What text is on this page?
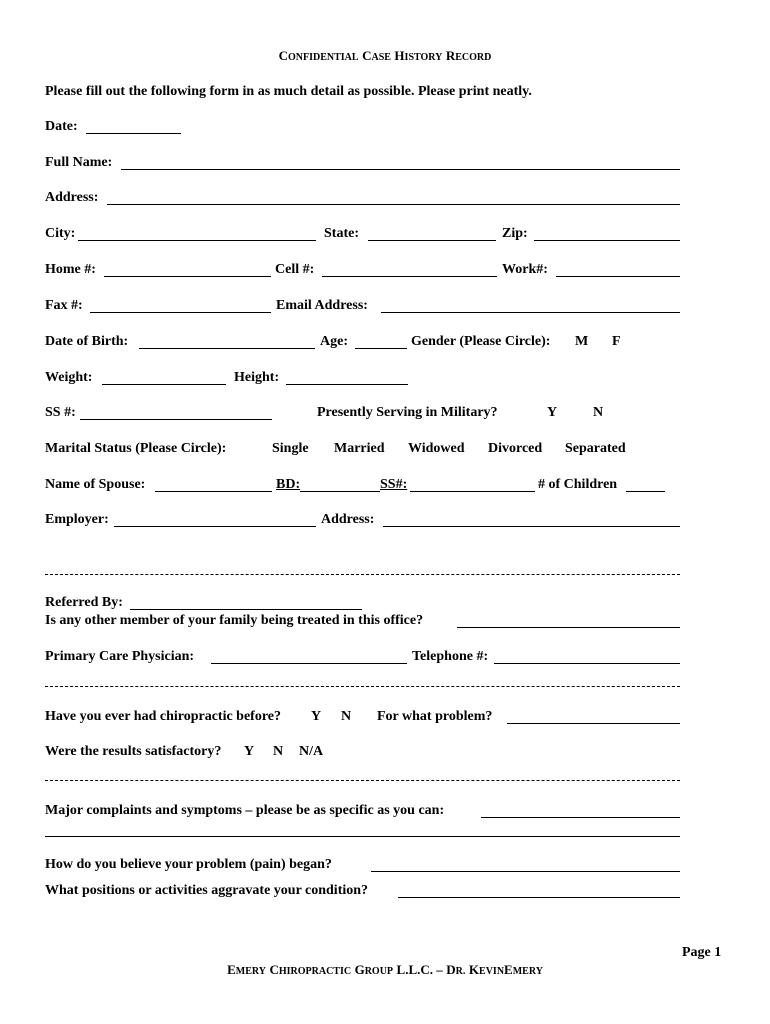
CONFIDENTIAL CASE HISTORY RECORD
Please fill out the following form in as much detail as possible. Please print neatly.
Date:
Full Name:
Address:
City:	State:	Zip:
Home #:	Cell #:	Work#:
Fax #:	Email Address:
Date of Birth:	Age:	Gender (Please Circle): M F
Weight:	Height:
SS #:	Presently Serving in Military?	Y	N
Marital Status (Please Circle):	Single Married Widowed Divorced Separated
Name of Spouse:	BD:	SS#:	# of Children
Employer:	Address:
Referred By:
Is any other member of your family being treated in this office?
Primary Care Physician:	Telephone #:
Have you ever had chiropractic before? Y N For what problem?
Were the results satisfactory? Y N N/A
Major complaints and symptoms – please be as specific as you can:
How do you believe your problem (pain) began?
What positions or activities aggravate your condition?
Page 1
EMERY CHIROPRACTIC GROUP L.L.C. – DR. KEVINEMERY
